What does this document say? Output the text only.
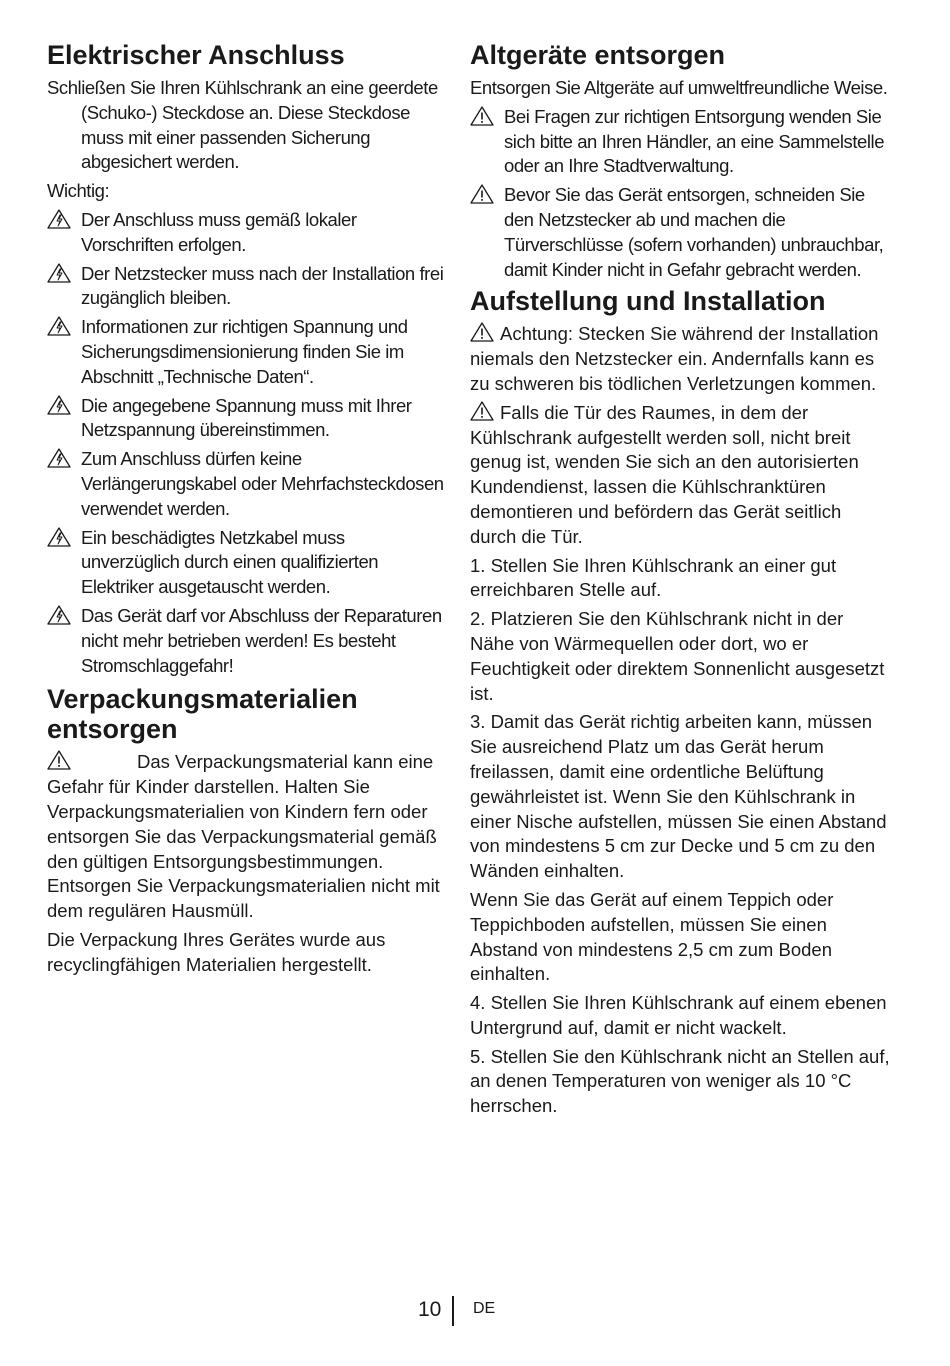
Elektrischer Anschluss

Schließen Sie Ihren Kühlschrank an eine geerdete (Schuko-) Steckdose an. Diese Steckdose muss mit einer passenden Sicherung abgesichert werden.

Wichtig:

Der Anschluss muss gemäß lokaler Vorschriften erfolgen.
Der Netzstecker muss nach der Installation frei zugänglich bleiben.
Informationen zur richtigen Spannung und Sicherungsdimensionierung finden Sie im Abschnitt „Technische Daten“.
Die angegebene Spannung muss mit Ihrer Netzspannung übereinstimmen.
Zum Anschluss dürfen keine Verlängerungskabel oder Mehrfachsteckdosen verwendet werden.
Ein beschädigtes Netzkabel muss unverzüglich durch einen qualifizierten Elektriker ausgetauscht werden.
Das Gerät darf vor Abschluss der Reparaturen nicht mehr betrieben werden! Es besteht Stromschlaggefahr!
Verpackungsmaterialien entsorgen

Das Verpackungsmaterial kann eine Gefahr für Kinder darstellen. Halten Sie Verpackungsmaterialien von Kindern fern oder entsorgen Sie das Verpackungsmaterial gemäß den gültigen Entsorgungsbestimmungen. Entsorgen Sie Verpackungsmaterialien nicht mit dem regulären Hausmüll.

Die Verpackung Ihres Gerätes wurde aus recyclingfähigen Materialien hergestellt.

Altgeräte entsorgen

Entsorgen Sie Altgeräte auf umweltfreundliche Weise.

Bei Fragen zur richtigen Entsorgung wenden Sie sich bitte an Ihren Händler, an eine Sammelstelle oder an Ihre Stadtverwaltung.
Bevor Sie das Gerät entsorgen, schneiden Sie den Netzstecker ab und machen die Türverschlüsse (sofern vorhanden) unbrauchbar, damit Kinder nicht in Gefahr gebracht werden.
Aufstellung und Installation

Achtung: Stecken Sie während der Installation niemals den Netzstecker ein. Andernfalls kann es zu schweren bis tödlichen Verletzungen kommen.

Falls die Tür des Raumes, in dem der Kühlschrank aufgestellt werden soll, nicht breit genug ist, wenden Sie sich an den autorisierten Kundendienst, lassen die Kühlschranktüren demontieren und befördern das Gerät seitlich durch die Tür.

1. Stellen Sie Ihren Kühlschrank an einer gut erreichbaren Stelle auf.

2. Platzieren Sie den Kühlschrank nicht in der Nähe von Wärmequellen oder dort, wo er Feuchtigkeit oder direktem Sonnenlicht ausgesetzt ist.

3. Damit das Gerät richtig arbeiten kann, müssen Sie ausreichend Platz um das Gerät herum freilassen, damit eine ordentliche Belüftung gewährleistet ist. Wenn Sie den Kühlschrank in einer Nische aufstellen, müssen Sie einen Abstand von mindestens 5 cm zur Decke und 5 cm zu den Wänden einhalten.

Wenn Sie das Gerät auf einem Teppich oder Teppichboden aufstellen, müssen Sie einen Abstand von mindestens 2,5 cm zum Boden einhalten.

4. Stellen Sie Ihren Kühlschrank auf einem ebenen Untergrund auf, damit er nicht wackelt.

5. Stellen Sie den Kühlschrank nicht an Stellen auf, an denen Temperaturen von weniger als 10 °C herrschen.

10 DE
